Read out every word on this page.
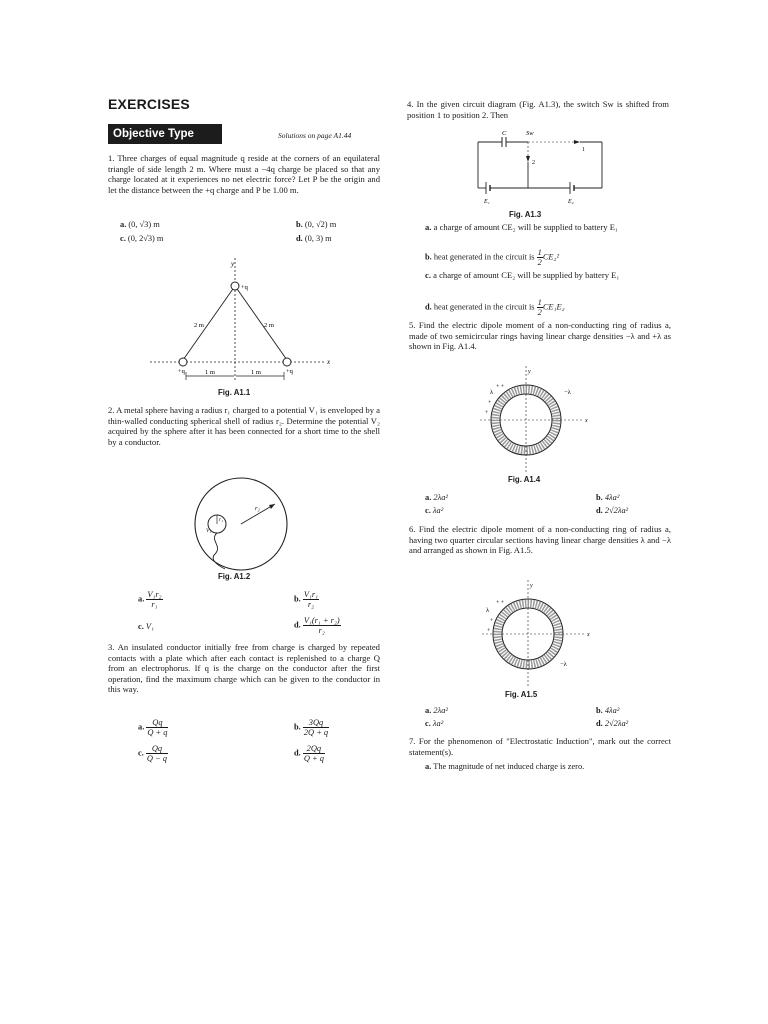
EXERCISES
Objective Type	Solutions on page A1.44
1. Three charges of equal magnitude q reside at the corners of an equilateral triangle of side length 2 m. Where must a −4q charge be placed so that any charge located at it experiences no net electric force? Let P be the origin and let the distance between the +q charge and P be 1.00 m.
a. (0, √3) m	b. (0, √2) m
c. (0, 2√3) m	d. (0, 3) m
y
x
+q
+q	+q
2 m	2 m
1 m	1 m
Fig. A1.1
2. A metal sphere having a radius r₁ charged to a potential V₁ is enveloped by a thin-walled conducting spherical shell of radius r₂. Determine the potential V₂ acquired by the sphere after it has been connected for a short time to the shell by a conductor.
r₂
r₁
V₁
Fig. A1.2
a. $\frac{\text{V₁r₂}}{\text{r₁}}$	b. $\frac{\text{V₁r₁}}{\text{r₂}}$
c. V₁	d. $\frac{\text{V₁(r₁ + r₂)}}{\text{r₂}}$
3. An insulated conductor initially free from charge is charged by repeated contacts with a plate which after each contact is replenished to a charge Q from an electrophorus. If q is the charge on the conductor after the first operation, find the maximum charge which can be given to the conductor in this way.
a. $\frac{Qq}{Q + q}$	b. $\frac{3Qq}{2Q + q}$
c. $\frac{Qq}{Q - q}$	d. $\frac{2Qq}{Q + q}$
4. In the given circuit diagram (Fig. A1.3), the switch Sw is shifted from position 1 to position 2. Then
C	Sw
1
2
E₁	E₂
Fig. A1.3
a. a charge of amount CE₂ will be supplied to battery E₁
b. heat generated in the circuit is $\frac{1}{2} CE_2^2$
c. a charge of amount CE₂ will be supplied by battery E₁
d. heat generated in the circuit is $\frac{1}{2} CE_1E_2$
5. Find the electric dipole moment of a non-conducting ring of radius a, made of two semicircular rings having linear charge densities −λ and +λ as shown in Fig. A1.4.
y
x
λ
+ +
+
+
−λ
Fig. A1.4
a. 2λa²	b. 4λa²
c. λa²	d. 2√2λa²
6. Find the electric dipole moment of a non-conducting ring of radius a, having two quarter circular sections having linear charge densities λ and −λ and arranged as shown in Fig. A1.5.
y
x
λ
+ +
+
+
−λ
Fig. A1.5
a. 2λa²	b. 4λa²
c. λa²	d. 2√2λa²
7. For the phenomenon of "Electrostatic Induction", mark out the correct statement(s).
a. The magnitude of net induced charge is zero.
